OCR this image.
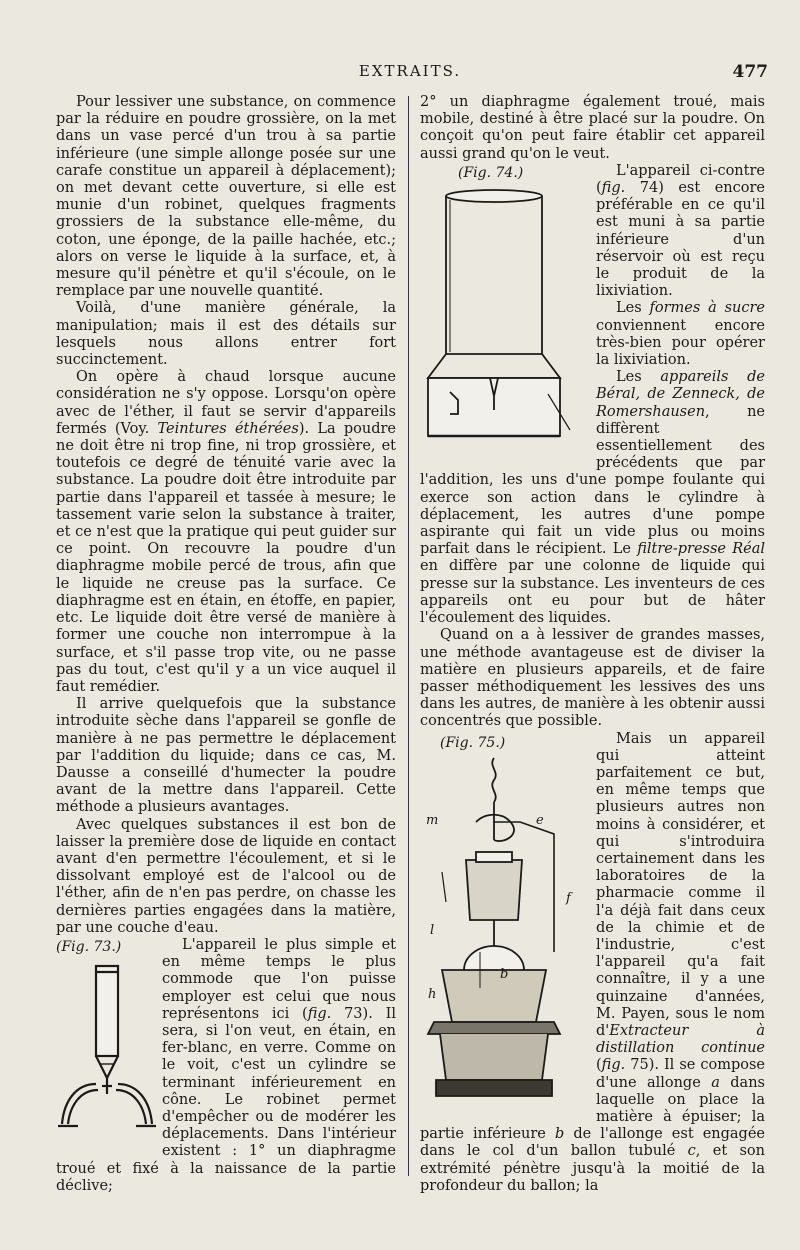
EXTRAITS.	477

Pour lessiver une substance, on commence par la réduire en poudre grossière, on la met dans un vase percé d'un trou à sa partie inférieure (une simple allonge posée sur une carafe constitue un appareil à déplacement); on met devant cette ouverture, si elle est munie d'un robinet, quelques fragments grossiers de la substance elle-même, du coton, une éponge, de la paille hachée, etc.; alors on verse le liquide à la surface, et, à mesure qu'il pénètre et qu'il s'écoule, on le remplace par une nouvelle quantité.

Voilà, d'une manière générale, la manipulation; mais il est des détails sur lesquels nous allons entrer fort succinctement.

On opère à chaud lorsque aucune considération ne s'y oppose. Lorsqu'on opère avec de l'éther, il faut se servir d'appareils fermés (Voy. Teintures éthérées). La poudre ne doit être ni trop fine, ni trop grossière, et toutefois ce degré de ténuité varie avec la substance. La poudre doit être introduite par partie dans l'appareil et tassée à mesure; le tassement varie selon la substance à traiter, et ce n'est que la pratique qui peut guider sur ce point. On recouvre la poudre d'un diaphragme mobile percé de trous, afin que le liquide ne creuse pas la surface. Ce diaphragme est en étain, en étoffe, en papier, etc. Le liquide doit être versé de manière à former une couche non interrompue à la surface, et s'il passe trop vite, ou ne passe pas du tout, c'est qu'il y a un vice auquel il faut remédier.

Il arrive quelquefois que la substance introduite sèche dans l'appareil se gonfle de manière à ne pas permettre le déplacement par l'addition du liquide; dans ce cas, M. Dausse a conseillé d'humecter la poudre avant de la mettre dans l'appareil. Cette méthode a plusieurs avantages.

Avec quelques substances il est bon de laisser la première dose de liquide en contact avant d'en permettre l'écoulement, et si le dissolvant employé est de l'alcool ou de l'éther, afin de n'en pas perdre, on chasse les dernières parties engagées dans la matière, par une couche d'eau.

(Fig. 73.)	L'appareil le plus simple et en même temps le plus commode que l'on puisse employer est celui que nous représentons ici (fig. 73). Il sera, si l'on veut, en étain, en fer-blanc, en verre. Comme on le voit, c'est un cylindre se terminant inférieurement en cône. Le robinet permet d'empêcher ou de modérer les déplacements. Dans l'intérieur existent : 1° un diaphragme troué et fixé à la naissance de la partie déclive;

2° un diaphragme également troué, mais mobile, destiné à être placé sur la poudre. On conçoit qu'on peut faire établir cet appareil aussi grand qu'on le veut.

(Fig. 74.)	L'appareil ci-contre (fig. 74) est encore préférable en ce qu'il est muni à sa partie inférieure d'un réservoir où est reçu le produit de la lixiviation.

Les formes à sucre conviennent encore très-bien pour opérer la lixiviation.

Les appareils de Béral, de Zenneck, de Romershausen, ne diffèrent essentiellement des précédents que par l'addition, les uns d'une pompe foulante qui exerce son action dans le cylindre à déplacement, les autres d'une pompe aspirante qui fait un vide plus ou moins parfait dans le récipient. Le filtre-presse Réal en diffère par une colonne de liquide qui presse sur la substance. Les inventeurs de ces appareils ont eu pour but de hâter l'écoulement des liquides.

Quand on a à lessiver de grandes masses, une méthode avantageuse est de diviser la matière en plusieurs appareils, et de faire passer méthodiquement les lessives des uns dans les autres, de manière à les obtenir aussi concentrés que possible.

(Fig. 75.)
m	e
f
l
h
b

Mais un appareil qui atteint parfaitement ce but, en même temps que plusieurs autres non moins à considérer, et qui s'introduira certainement dans les laboratoires de la pharmacie comme il l'a déjà fait dans ceux de la chimie et de l'industrie, c'est l'appareil qu'a fait connaître, il y a une quinzaine d'années, M. Payen, sous le nom d'Extracteur à distillation continue (fig. 75). Il se compose d'une allonge a dans laquelle on place la matière à épuiser; la partie inférieure b de l'allonge est engagée dans le col d'un ballon tubulé c, et son extrémité pénètre jusqu'à la moitié de la profondeur du ballon; la
